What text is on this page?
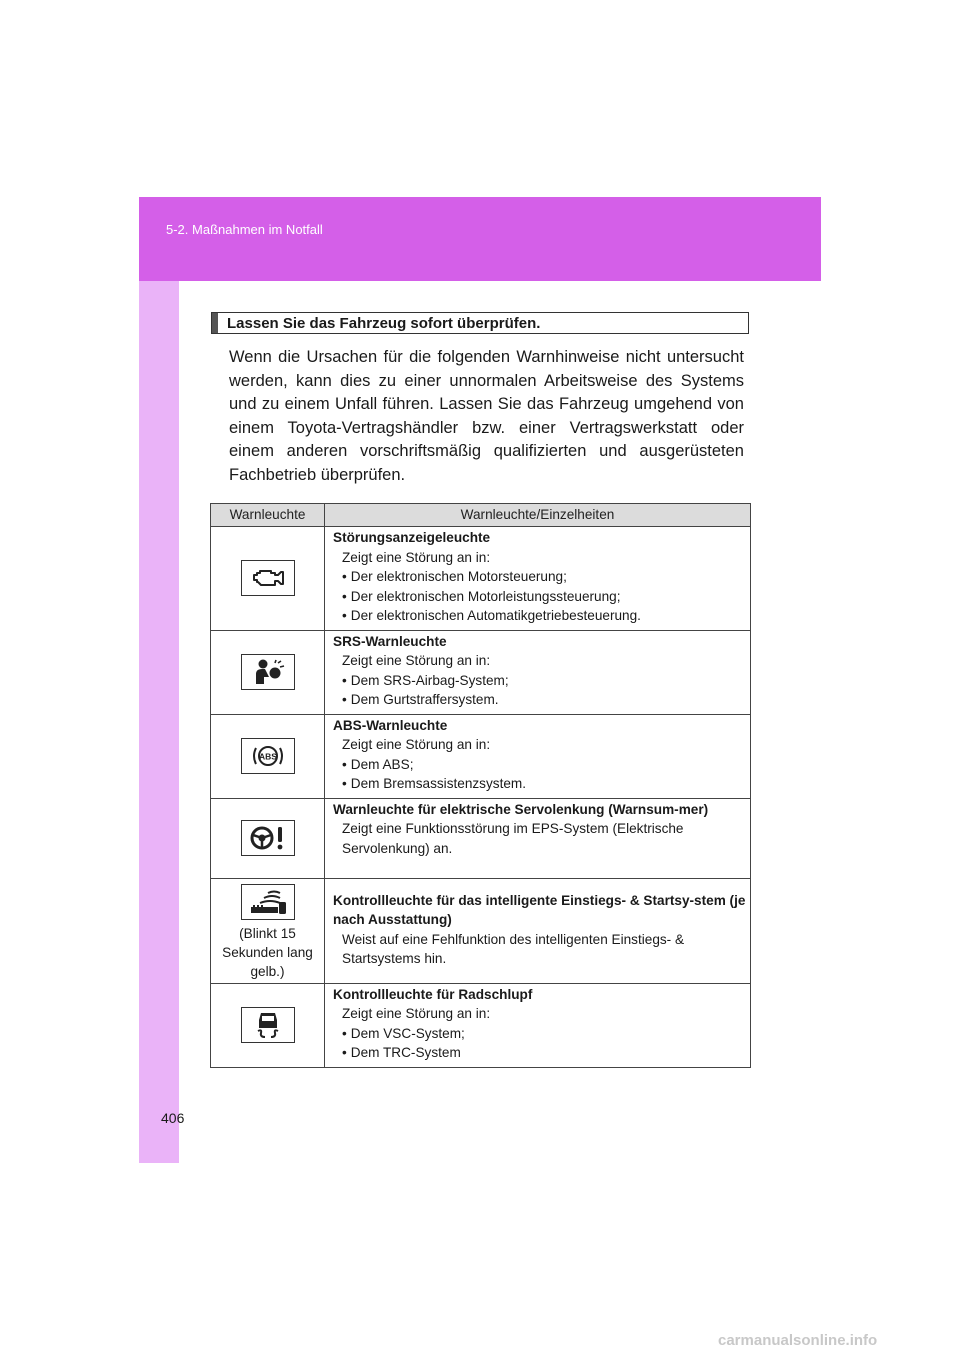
5-2. Maßnahmen im Notfall
406
Lassen Sie das Fahrzeug sofort überprüfen.
Wenn die Ursachen für die folgenden Warnhinweise nicht untersucht werden, kann dies zu einer unnormalen Arbeitsweise des Systems und zu einem Unfall führen. Lassen Sie das Fahrzeug umgehend von einem Toyota-Vertragshändler bzw. einer Vertragswerkstatt oder einem anderen vorschriftsmäßig qualifizierten und ausgerüsteten Fachbetrieb überprüfen.
Warnleuchte	Warnleuchte/Einzelheiten

Störungsanzeigeleuchte
Zeigt eine Störung an in:
• Der elektronischen Motorsteuerung;
• Der elektronischen Motorleistungssteuerung;
• Der elektronischen Automatikgetriebesteuerung.

SRS-Warnleuchte
Zeigt eine Störung an in:
• Dem SRS-Airbag-System;
• Dem Gurtstraffersystem.

ABS	ABS-Warnleuchte
Zeigt eine Störung an in:
• Dem ABS;
• Dem Bremsassistenzsystem.

Warnleuchte für elektrische Servolenkung (Warnsum-mer)
Zeigt eine Funktionsstörung im EPS-System (Elektrische Servolenkung) an.

(Blinkt 15 Sekunden lang gelb.)	Kontrollleuchte für das intelligente Einstiegs- & Startsy-stem (je nach Ausstattung)
Weist auf eine Fehlfunktion des intelligenten Einstiegs- & Startsystems hin.

Kontrollleuchte für Radschlupf
Zeigt eine Störung an in:
• Dem VSC-System;
• Dem TRC-System
carmanualsonline.info
